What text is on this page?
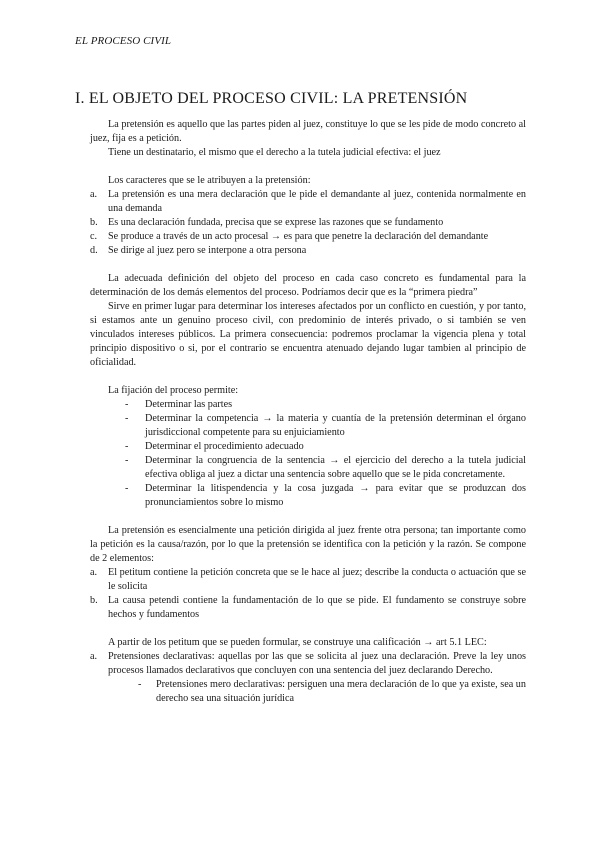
EL PROCESO CIVIL
I. EL OBJETO DEL PROCESO CIVIL: LA PRETENSIÓN

La pretensión es aquello que las partes piden al juez, constituye lo que se les pide de modo concreto al juez, fija es a petición.

Tiene un destinatario, el mismo que el derecho a la tutela judicial efectiva: el juez

Los caracteres que se le atribuyen a la pretensión:

a. La pretensión es una mera declaración que le pide el demandante al juez, contenida normalmente en una demanda
b. Es una declaración fundada, precisa que se exprese las razones que se fundamento
c. Se produce a través de un acto procesal → es para que penetre la declaración del demandante
d. Se dirige al juez pero se interpone a otra persona

La adecuada definición del objeto del proceso en cada caso concreto es fundamental para la determinación de los demás elementos del proceso. Podríamos decir que es la “primera piedra”

Sirve en primer lugar para determinar los intereses afectados por un conflicto en cuestión, y por tanto, si estamos ante un genuino proceso civil, con predominio de interés privado, o si también se ven vinculados intereses públicos. La primera consecuencia: podremos proclamar la vigencia plena y total principio dispositivo o si, por el contrario se encuentra atenuado dejando lugar tambien al principio de oficialidad.

La fijación del proceso permite:

- Determinar las partes
- Determinar la competencia → la materia y cuantía de la pretensión determinan el órgano jurisdiccional competente para su enjuiciamiento
- Determinar el procedimiento adecuado
- Determinar la congruencia de la sentencia → el ejercicio del derecho a la tutela judicial efectiva obliga al juez a dictar una sentencia sobre aquello que se le pida concretamente.
- Determinar la litispendencia y la cosa juzgada → para evitar que se produzcan dos pronunciamientos sobre lo mismo

La pretensión es esencialmente una petición dirigida al juez frente otra persona; tan importante como la petición es la causa/razón, por lo que la pretensión se identifica con la petición y la razón. Se compone de 2 elementos:

a. El petitum contiene la petición concreta que se le hace al juez; describe la conducta o actuación que se le solicita
b. La causa petendi contiene la fundamentación de lo que se pide. El fundamento se construye sobre hechos y fundamentos

A partir de los petitum que se pueden formular, se construye una calificación → art 5.1 LEC:

a. Pretensiones declarativas: aquellas por las que se solicita al juez una declaración. Preve la ley unos procesos llamados declarativos que concluyen con una sentencia del juez declarando Derecho.
- Pretensiones mero declarativas: persiguen una mera declaración de lo que ya existe, sea un derecho sea una situación jurídica
